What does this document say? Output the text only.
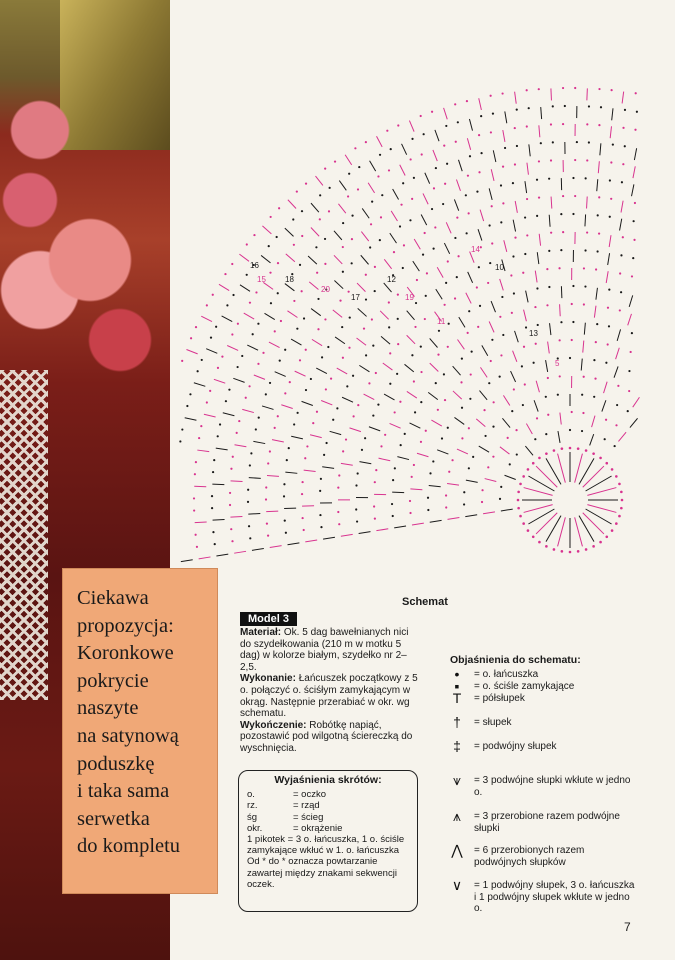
Ciekawa
propozycja:
Koronkowe
pokrycie
naszyte
na satynową
poduszkę
i taka sama
serwetka
do kompletu
16
15 18
20
17	19
12
14
10
11
13
5
Schemat
Model 3

Materiał: Ok. 5 dag bawełnianych nici do szydełkowania (210 m w motku 5 dag) w kolorze białym, szydełko nr 2–2,5.

Wykonanie: Łańcuszek początkowy z 5 o. połączyć o. ściśłym zamykającym w okrąg. Następnie przerabiać w okr. wg schematu.

Wykończenie: Robótkę napiąć, pozostawić pod wilgotną ściereczką do wyschnięcia.

Wyjaśnienia skrótów:
o.	= oczko
rz.	= rząd
śg	= ścieg
okr.	= okrążenie
1 pikotek = 3 o. łańcuszka, 1 o. ściśle zamykające wkłuć w 1. o. łańcuszka
Od * do * oznacza powtarzanie zawartej między znakami sekwencji oczek.
Objaśnienia do schematu:
•	= o. łańcuszka
▪	= o. ściśle zamykające
T	= półsłupek
†	= słupek
‡	= podwójny słupek
⩛	= 3 podwójne słupki wkłute w jedno o.
⩚	= 3 przerobione razem podwójne słupki
⋀	= 6 przerobionych razem podwójnych słupków
∨	= 1 podwójny słupek, 3 o. łańcuszka i 1 podwójny słupek wkłute w jedno o.
7
